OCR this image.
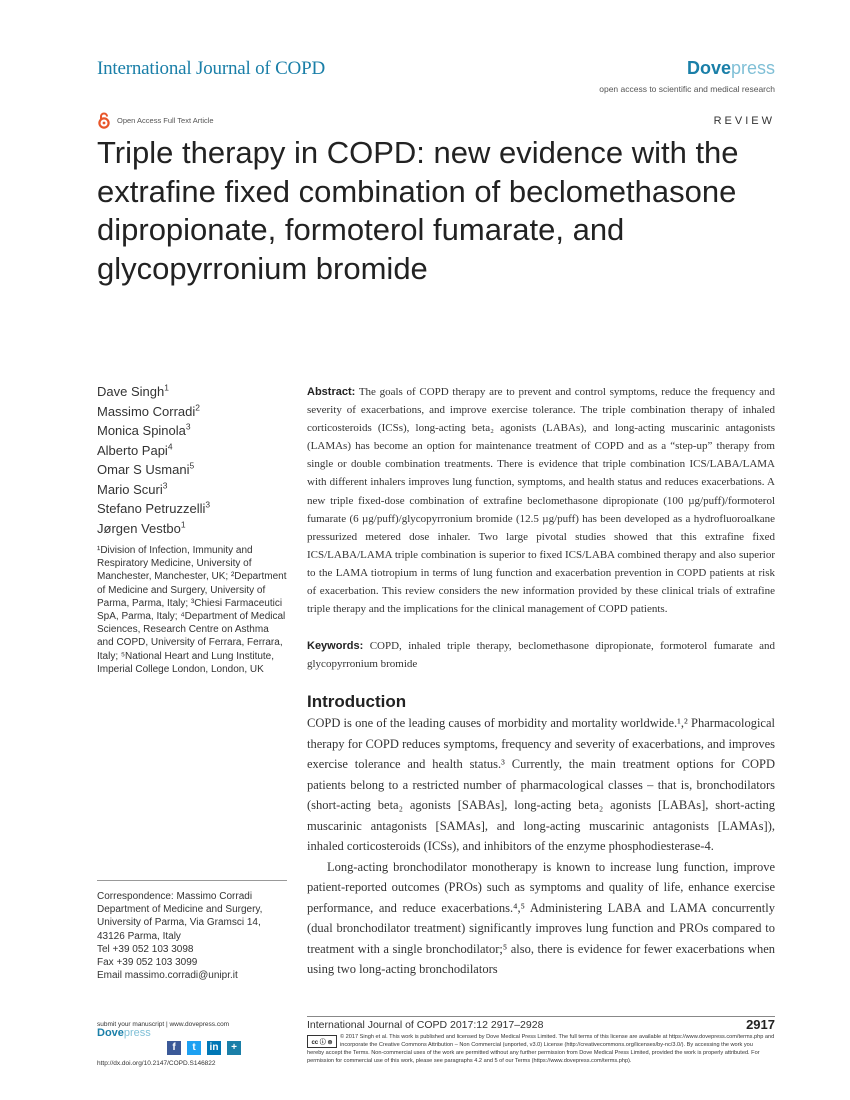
International Journal of COPD	Dovepress
open access to scientific and medical research
Open Access Full Text Article	REVIEW
Triple therapy in COPD: new evidence with the extrafine fixed combination of beclomethasone dipropionate, formoterol fumarate, and glycopyrronium bromide
Dave Singh$^1$
Massimo Corradi$^2$
Monica Spinola$^3$
Alberto Papi$^4$
Omar S Usmani$^5$
Mario Scuri$^3$
Stefano Petruzzelli$^3$
Jørgen Vestbo$^1$
¹Division of Infection, Immunity and Respiratory Medicine, University of Manchester, Manchester, UK; ²Department of Medicine and Surgery, University of Parma, Parma, Italy; ³Chiesi Farmaceutici SpA, Parma, Italy; ⁴Department of Medical Sciences, Research Centre on Asthma and COPD, University of Ferrara, Ferrara, Italy; ⁵National Heart and Lung Institute, Imperial College London, London, UK
Correspondence: Massimo Corradi
Department of Medicine and Surgery,
University of Parma, Via Gramsci 14,
43126 Parma, Italy
Tel +39 052 103 3098
Fax +39 052 103 3099
Email massimo.corradi@unipr.it
Abstract: The goals of COPD therapy are to prevent and control symptoms, reduce the frequency and severity of exacerbations, and improve exercise tolerance. The triple combination therapy of inhaled corticosteroids (ICSs), long-acting beta₂ agonists (LABAs), and long-acting muscarinic antagonists (LAMAs) has become an option for maintenance treatment of COPD and as a “step-up” therapy from single or double combination treatments. There is evidence that triple combination ICS/LABA/LAMA with different inhalers improves lung function, symptoms, and health status and reduces exacerbations. A new triple fixed-dose combination of extrafine beclomethasone dipropionate (100 µg/puff)/formoterol fumarate (6 µg/puff)/glycopyrronium bromide (12.5 µg/puff) has been developed as a hydrofluoroalkane pressurized metered dose inhaler. Two large pivotal studies showed that this extrafine fixed ICS/LABA/LAMA triple combination is superior to fixed ICS/LABA combined therapy and also superior to the LAMA tiotropium in terms of lung function and exacerbation prevention in COPD patients at risk of exacerbation. This review considers the new information provided by these clinical trials of extrafine triple therapy and the implications for the clinical management of COPD patients.
Keywords: COPD, inhaled triple therapy, beclomethasone dipropionate, formoterol fumarate and glycopyrronium bromide
Introduction

COPD is one of the leading causes of morbidity and mortality worldwide.¹,² Pharmacological therapy for COPD reduces symptoms, frequency and severity of exacerbations, and improves exercise tolerance and health status.³ Currently, the main treatment options for COPD patients belong to a restricted number of pharmacological classes – that is, bronchodilators (short-acting beta₂ agonists [SABAs], long-acting beta₂ agonists [LABAs], short-acting muscarinic antagonists [SAMAs], and long-acting muscarinic antagonists [LAMAs]), inhaled corticosteroids (ICSs), and inhibitors of the enzyme phosphodiesterase-4.

Long-acting bronchodilator monotherapy is known to increase lung function, improve patient-reported outcomes (PROs) such as symptoms and quality of life, enhance exercise performance, and reduce exacerbations.⁴,⁵ Administering LABA and LAMA concurrently (dual bronchodilator treatment) significantly improves lung function and PROs compared to treatment with a single bronchodilator;⁵ also, there is evidence for fewer exacerbations when using two long-acting bronchodilators

submit your manuscript | www.dovepress.com
Dovepress
f	t	in	+
http://dx.doi.org/10.2147/COPD.S146822
International Journal of COPD 2017:12 2917–2928	2917
cc ⓘ ⊜
© 2017 Singh et al. This work is published and licensed by Dove Medical Press Limited. The full terms of this license are available at https://www.dovepress.com/terms.php and incorporate the Creative Commons Attribution – Non Commercial (unported, v3.0) License (http://creativecommons.org/licenses/by-nc/3.0/). By accessing the work you
hereby accept the Terms. Non-commercial uses of the work are permitted without any further permission from Dove Medical Press Limited, provided the work is properly attributed. For permission for commercial use of this work, please see paragraphs 4.2 and 5 of our Terms (https://www.dovepress.com/terms.php).
